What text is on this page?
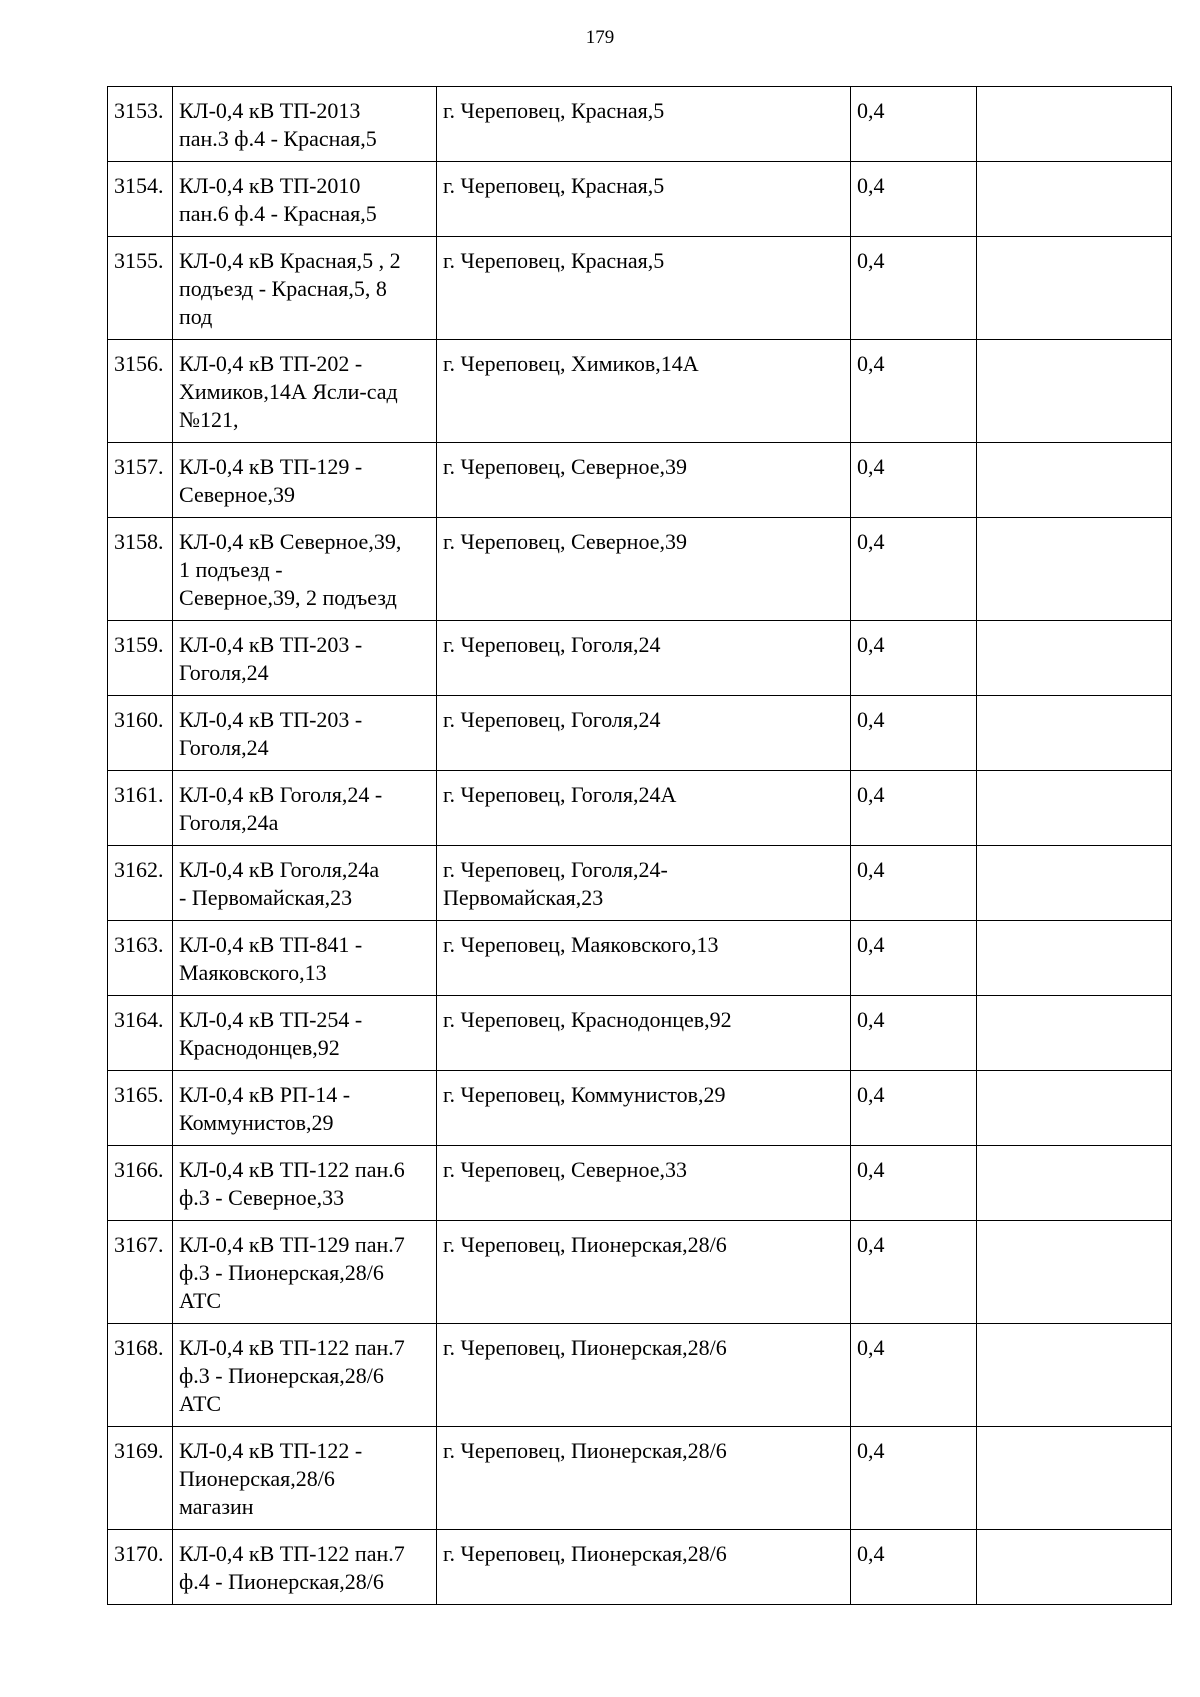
179
3153.	КЛ-0,4 кВ ТП-2013
пан.3 ф.4 - Красная,5	г. Череповец, Красная,5	0,4	
3154.	КЛ-0,4 кВ ТП-2010
пан.6 ф.4 - Красная,5	г. Череповец, Красная,5	0,4	
3155.	КЛ-0,4 кВ Красная,5 , 2
подъезд - Красная,5, 8
под	г. Череповец, Красная,5	0,4	
3156.	КЛ-0,4 кВ ТП-202 -
Химиков,14А Ясли-сад
№121,	г. Череповец, Химиков,14А	0,4	
3157.	КЛ-0,4 кВ ТП-129 -
Северное,39	г. Череповец, Северное,39	0,4	
3158.	КЛ-0,4 кВ Северное,39,
1 подъезд -
Северное,39, 2 подъезд	г. Череповец, Северное,39	0,4	
3159.	КЛ-0,4 кВ ТП-203 -
Гоголя,24	г. Череповец, Гоголя,24	0,4	
3160.	КЛ-0,4 кВ ТП-203 -
Гоголя,24	г. Череповец, Гоголя,24	0,4	
3161.	КЛ-0,4 кВ Гоголя,24 -
Гоголя,24а	г. Череповец, Гоголя,24А	0,4	
3162.	КЛ-0,4 кВ Гоголя,24а
- Первомайская,23	г. Череповец, Гоголя,24-
Первомайская,23	0,4	
3163.	КЛ-0,4 кВ ТП-841 -
Маяковского,13	г. Череповец, Маяковского,13	0,4	
3164.	КЛ-0,4 кВ ТП-254 -
Краснодонцев,92	г. Череповец, Краснодонцев,92	0,4	
3165.	КЛ-0,4 кВ РП-14 -
Коммунистов,29	г. Череповец, Коммунистов,29	0,4	
3166.	КЛ-0,4 кВ ТП-122 пан.6
ф.3 - Северное,33	г. Череповец, Северное,33	0,4	
3167.	КЛ-0,4 кВ ТП-129 пан.7
ф.3 - Пионерская,28/6
АТС	г. Череповец, Пионерская,28/6	0,4	
3168.	КЛ-0,4 кВ ТП-122 пан.7
ф.3 - Пионерская,28/6
АТС	г. Череповец, Пионерская,28/6	0,4	
3169.	КЛ-0,4 кВ ТП-122 -
Пионерская,28/6
магазин	г. Череповец, Пионерская,28/6	0,4	
3170.	КЛ-0,4 кВ ТП-122 пан.7
ф.4 - Пионерская,28/6	г. Череповец, Пионерская,28/6	0,4	
